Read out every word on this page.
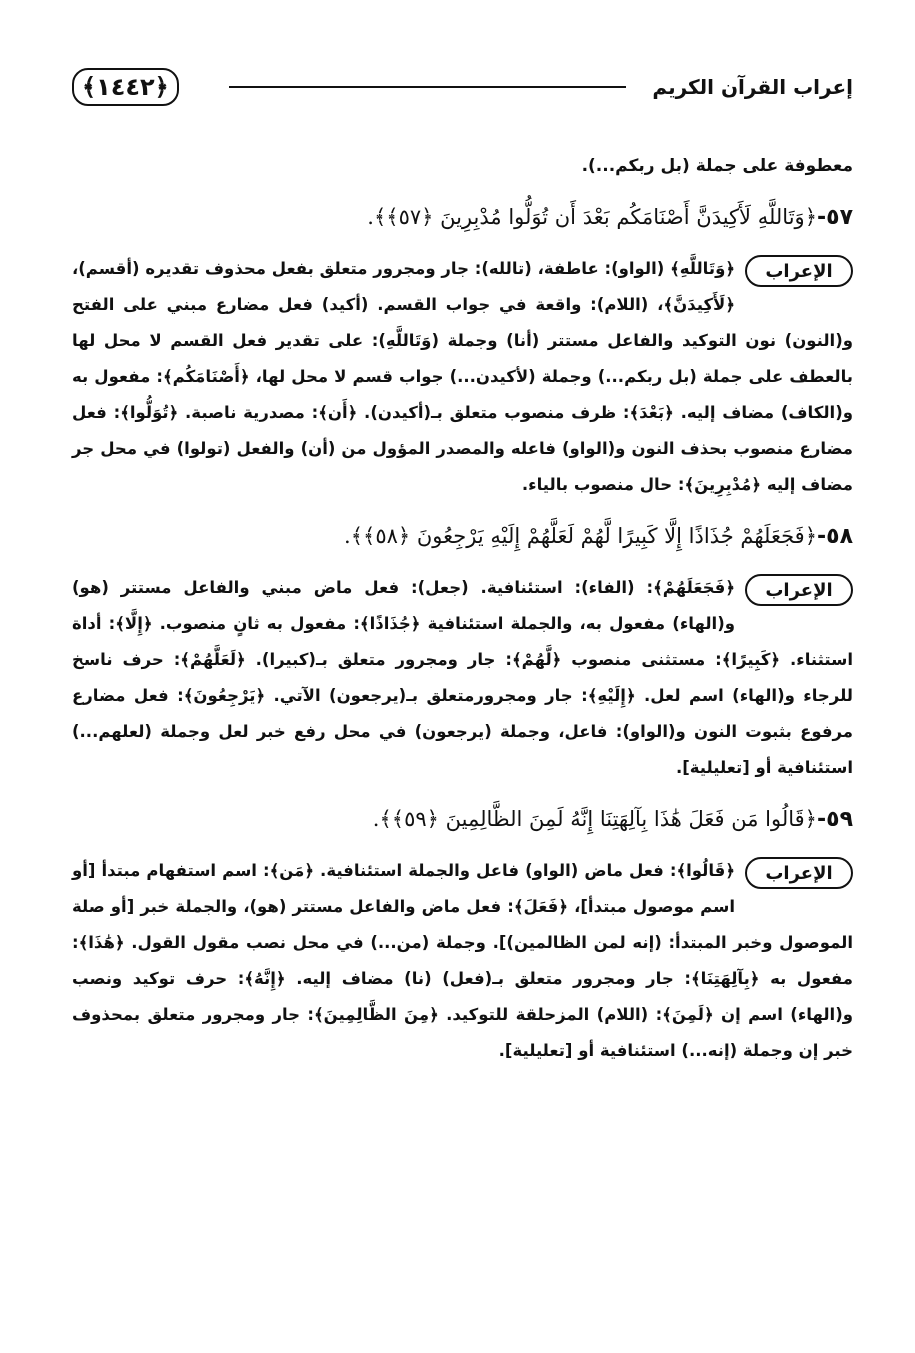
إعراب القرآن الكريم
﴿١٤٤٢﴾
معطوفة على جملة (بل ربكم...).
٥٧-﴿وَتَاللَّهِ لَأَكِيدَنَّ أَصْنَامَكُم بَعْدَ أَن تُوَلُّوا مُدْبِرِينَ ﴿٥٧﴾﴾.
الإعراب
﴿وَتَاللَّهِ﴾ (الواو): عاطفة، (تالله): جار ومجرور متعلق بفعل محذوف تقديره (أقسم)، ﴿لَأَكِيدَنَّ﴾، (اللام): واقعة في جواب القسم. (أكيد) فعل مضارع مبني على الفتح و(النون) نون التوكيد والفاعل مستتر (أنا) وجملة (وَتَاللَّهِ): على تقدير فعل القسم لا محل لها بالعطف على جملة (بل ربكم...) وجملة (لأكيدن...) جواب قسم لا محل لها، ﴿أَصْنَامَكُم﴾: مفعول به و(الكاف) مضاف إليه. ﴿بَعْدَ﴾: ظرف منصوب متعلق بـ(أكيدن). ﴿أَن﴾: مصدرية ناصبة. ﴿تُوَلُّوا﴾: فعل مضارع منصوب بحذف النون و(الواو) فاعله والمصدر المؤول من (أن) والفعل (تولوا) في محل جر مضاف إليه ﴿مُدْبِرِينَ﴾: حال منصوب بالياء.
٥٨-﴿فَجَعَلَهُمْ جُذَاذًا إِلَّا كَبِيرًا لَّهُمْ لَعَلَّهُمْ إِلَيْهِ يَرْجِعُونَ ﴿٥٨﴾﴾.
الإعراب
﴿فَجَعَلَهُمْ﴾: (الفاء): استئنافية. (جعل): فعل ماض مبني والفاعل مستتر (هو) و(الهاء) مفعول به، والجملة استئنافية ﴿جُذَاذًا﴾: مفعول به ثانٍ منصوب. ﴿إِلَّا﴾: أداة استثناء. ﴿كَبِيرًا﴾: مستثنى منصوب ﴿لَّهُمْ﴾: جار ومجرور متعلق بـ(كبيرا). ﴿لَعَلَّهُمْ﴾: حرف ناسخ للرجاء و(الهاء) اسم لعل. ﴿إِلَيْهِ﴾: جار ومجرورمتعلق بـ(يرجعون) الآتي. ﴿يَرْجِعُونَ﴾: فعل مضارع مرفوع بثبوت النون و(الواو): فاعل، وجملة (يرجعون) في محل رفع خبر لعل وجملة (لعلهم...) استئنافية أو [تعليلية].
٥٩-﴿قَالُوا مَن فَعَلَ هَٰذَا بِآلِهَتِنَا إِنَّهُ لَمِنَ الظَّالِمِينَ ﴿٥٩﴾﴾.
الإعراب
﴿قَالُوا﴾: فعل ماض (الواو) فاعل والجملة استئنافية. ﴿مَن﴾: اسم استفهام مبتدأ [أو اسم موصول مبتدأ]، ﴿فَعَلَ﴾: فعل ماض والفاعل مستتر (هو)، والجملة خبر [أو صلة الموصول وخبر المبتدأ: (إنه لمن الظالمين)]. وجملة (من...) في محل نصب مقول القول. ﴿هَٰذَا﴾: مفعول به ﴿بِآلِهَتِنَا﴾: جار ومجرور متعلق بـ(فعل) (نا) مضاف إليه. ﴿إِنَّهُ﴾: حرف توكيد ونصب و(الهاء) اسم إن ﴿لَمِنَ﴾: (اللام) المزحلقة للتوكيد. ﴿مِنَ الظَّالِمِينَ﴾: جار ومجرور متعلق بمحذوف خبر إن وجملة (إنه...) استئنافية أو [تعليلية].
